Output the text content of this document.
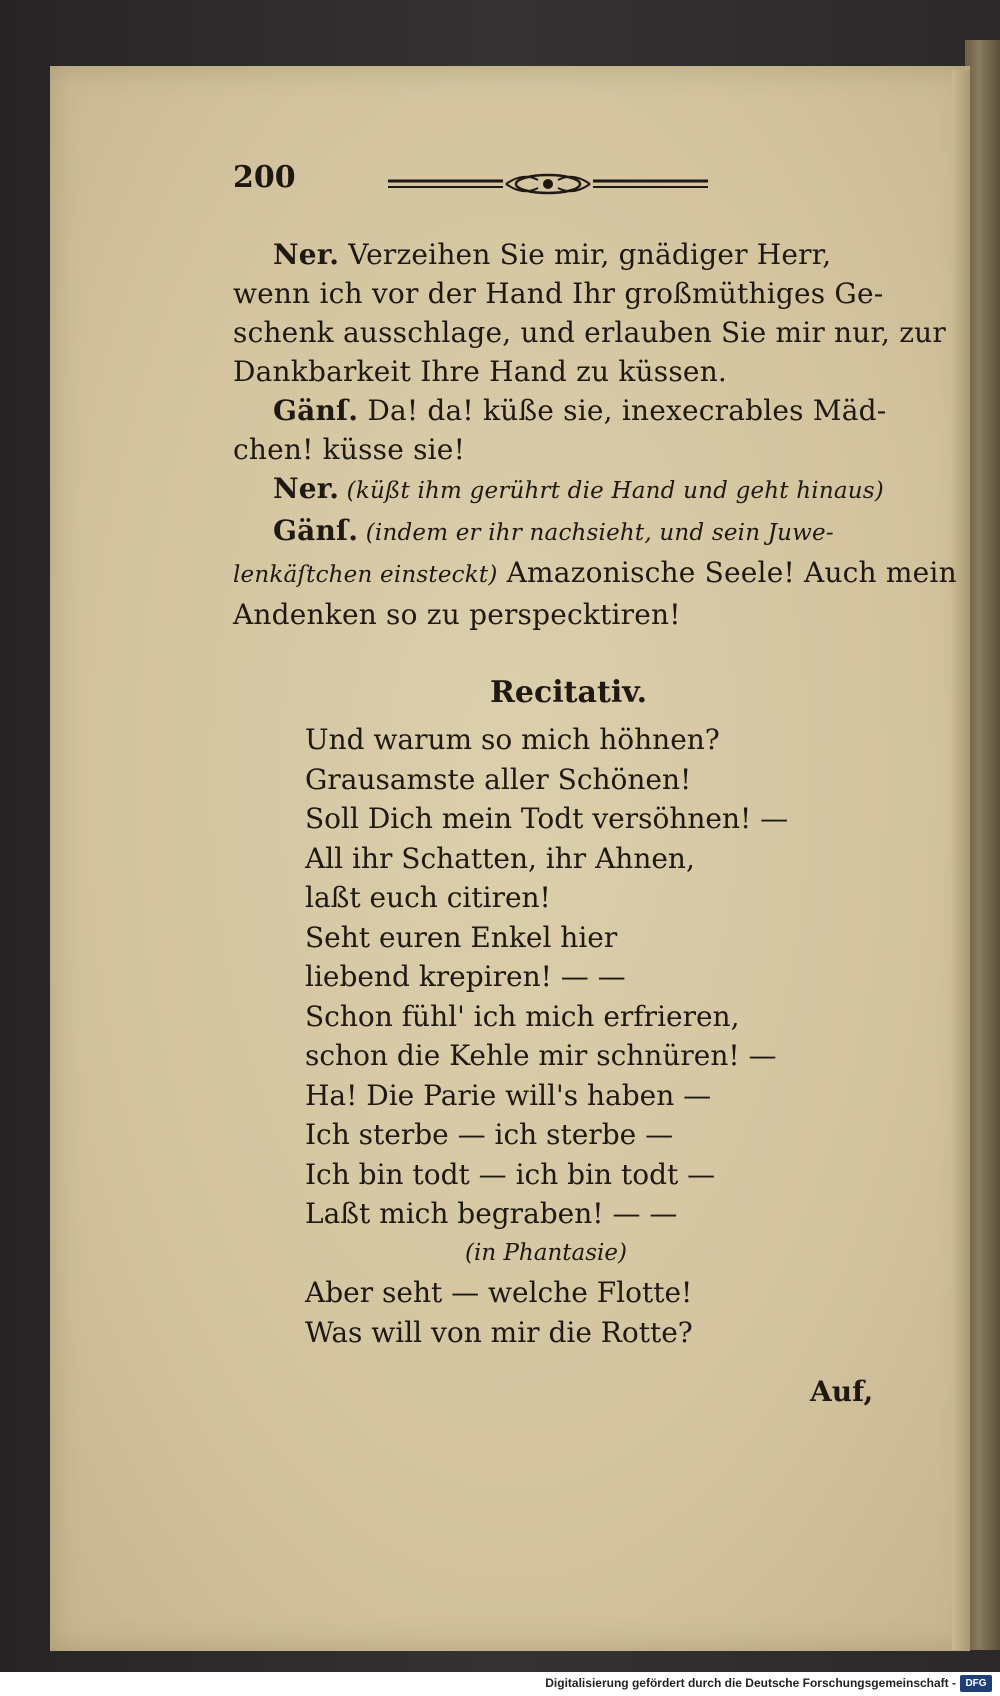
200
Ner. Verzeihen Sie mir, gnädiger Herr,
wenn ich vor der Hand Ihr großmüthiges Ge-
schenk ausschlage, und erlauben Sie mir nur, zur
Dankbarkeit Ihre Hand zu küssen.
Gänſ. Da! da! küße sie, inexecrables Mäd-
chen! küsse sie!
Ner. (küßt ihm gerührt die Hand und geht hinaus)
Gänſ. (indem er ihr nachsieht, und sein Juwe-
lenkäſtchen einsteckt) Amazonische Seele! Auch mein
Andenken so zu perspecktiren!
Recitativ.
Und warum so mich höhnen?
Grausamste aller Schönen!
Soll Dich mein Todt versöhnen! —
All ihr Schatten, ihr Ahnen,
laßt euch citiren!
Seht euren Enkel hier
liebend krepiren! — —
Schon fühl' ich mich erfrieren,
schon die Kehle mir schnüren! —
Ha! Die Parie will's haben —
Ich sterbe — ich sterbe —
Ich bin todt — ich bin todt —
Laßt mich begraben! — —
(in Phantasie)
Aber seht — welche Flotte!
Was will von mir die Rotte?
Auf,
Digitalisierung gefördert durch die Deutsche Forschungsgemeinschaft - DFG
